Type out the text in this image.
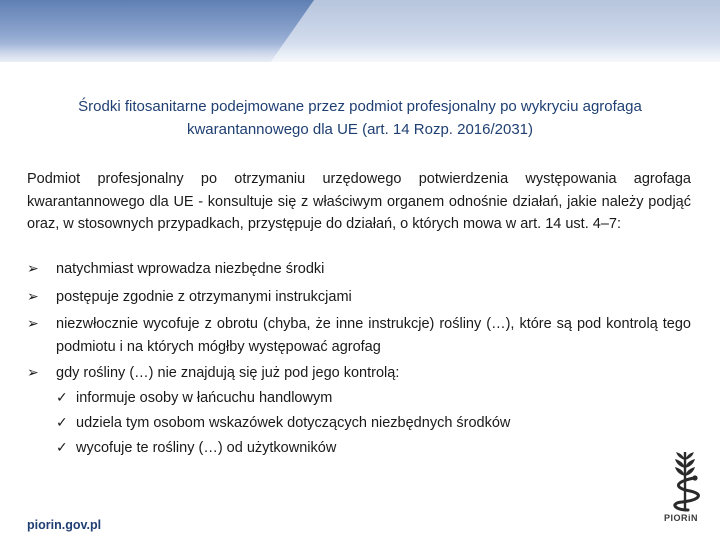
Środki fitosanitarne podejmowane przez podmiot profesjonalny po wykryciu agrofaga kwarantannowego dla UE (art. 14 Rozp. 2016/2031)

Podmiot profesjonalny po otrzymaniu urzędowego potwierdzenia występowania agrofaga kwarantannowego dla UE - konsultuje się z właściwym organem odnośnie działań, jakie należy podjąć oraz, w stosownych przypadkach, przystępuje do działań, o których mowa w art. 14 ust. 4–7:

➢ natychmiast wprowadza niezbędne środki
➢ postępuje zgodnie z otrzymanymi instrukcjami
➢ niezwłocznie wycofuje z obrotu (chyba, że inne instrukcje) rośliny (…), które są pod kontrolą tego podmiotu i na których mógłby występować agrofag
➢ gdy rośliny (…) nie znajdują się już pod jego kontrolą:
✓ informuje osoby w łańcuchu handlowym
✓ udziela tym osobom wskazówek dotyczących niezbędnych środków
✓ wycofuje te rośliny (…) od użytkowników
piorin.gov.pl	PIORiN
